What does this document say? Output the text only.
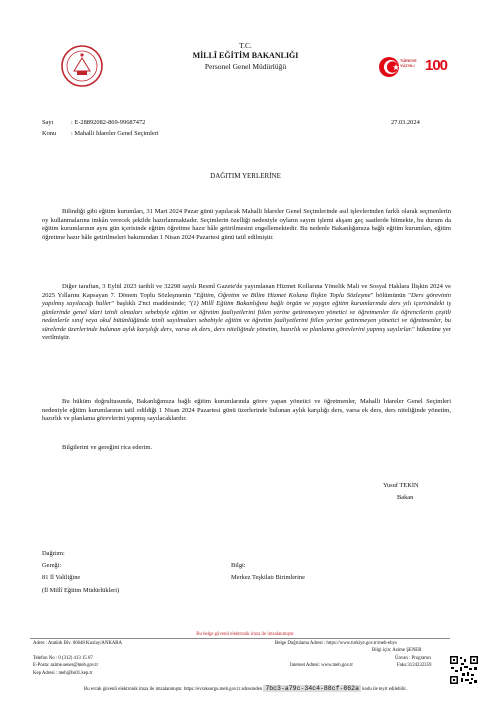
T.C.
MİLLÎ EĞİTİM BAKANLIĞI
Personel Genel Müdürlüğü
TÜRKİYE YÜZYILI 100
Sayı	: E-28892082-869-99687472	27.03.2024
Konu : Mahalli İdareler Genel Seçimleri
DAĞITIM YERLERİNE
Bilindiği gibi eğitim kurumları, 31 Mart 2024 Pazar günü yapılacak Mahalli İdareler Genel Seçimlerinde asıl işlevlerinden farklı olarak seçmenlerin oy kullanmalarına imkân verecek şekilde hazırlanmaktadır. Seçimlerin özelliği nedeniyle oyların sayım işlemi akşam geç saatlerde bitmekte, bu durum da eğitim kurumlarının aynı gün içerisinde eğitim öğretime hazır hâle getirilmesini engellemektedir. Bu nedenle Bakanlığımıza bağlı eğitim kurumları, eğitim öğretime hazır hâle getirilmeleri bakımından 1 Nisan 2024 Pazartesi günü tatil edilmiştir.
Diğer taraftan, 3 Eylül 2023 tarihli ve 32298 sayılı Resmî Gazete'de yayımlanan Hizmet Kollarına Yönelik Mali ve Sosyal Haklara İlişkin 2024 ve 2025 Yıllarını Kapsayan 7. Dönem Toplu Sözleşmenin "Eğitim, Öğretim ve Bilim Hizmet Koluna İlişkin Toplu Sözleşme" bölümünün "Ders görevinin yapılmış sayılacağı haller" başlıklı 2'nci maddesinde; "(1) Millî Eğitim Bakanlığına bağlı örgün ve yaygın eğitim kurumlarında ders yılı içerisindeki iş günlerinde genel idari izinli olmaları sebebiyle eğitim ve öğretim faaliyetlerini fiilen yerine getiremeyen yönetici ve öğretmenler ile öğrencilerin çeşitli nedenlerle sınıf veya okul bütünlüğünde izinli sayılmaları sebebiyle eğitim ve öğretim faaliyetlerini fiilen yerine getiremeyen yönetici ve öğretmenler, bu sürelerde üzerlerinde bulunan aylık karşılığı ders, varsa ek ders, ders niteliğinde yönetim, hazırlık ve planlama görevlerini yapmış sayılırlar." hükmüne yer verilmiştir.
Bu hüküm doğrultusunda, Bakanlığımıza bağlı eğitim kurumlarında görev yapan yönetici ve öğretmenler, Mahalli İdareler Genel Seçimleri nedeniyle eğitim kurumlarının tatil edildiği 1 Nisan 2024 Pazartesi günü üzerlerinde bulunan aylık karşılığı ders, varsa ek ders, ders niteliğinde yönetim, hazırlık ve planlama görevlerini yapmış sayılacaklardır.
Bilgilerini ve gereğini rica ederim.
Yusuf TEKİN
Bakan
Dağıtım:
Gereği:
81 İl Valiliğine
(İl Millî Eğitim Müdürlükleri)
Bilgi:
Merkez Teşkilatı Birimlerine
Bu belge güvenli elektronik imza ile imzalanmıştır.
Adres : Atatürk Blv. 06648 Kızılay/ANKARA	Belge Doğrulama Adresi : https://www.turkiye.gov.tr/meb-ebys
Bilgi için: Azime ŞENER
Telefon No : 0 (312) 413 15 67	Ünvan : Programcı
E-Posta: azime.sener@meb.gov.tr	İnternet Adresi: www.meb.gov.tr	Faks:3124232359
Kep Adresi : meb@hs01.kep.tr
Bu evrak güvenli elektronik imza ile imzalanmıştır. https://evraksorgu.meb.gov.tr adresinden 7bc3-a79c-34c4-88cf-862a kodu ile teyit edilebilir.
